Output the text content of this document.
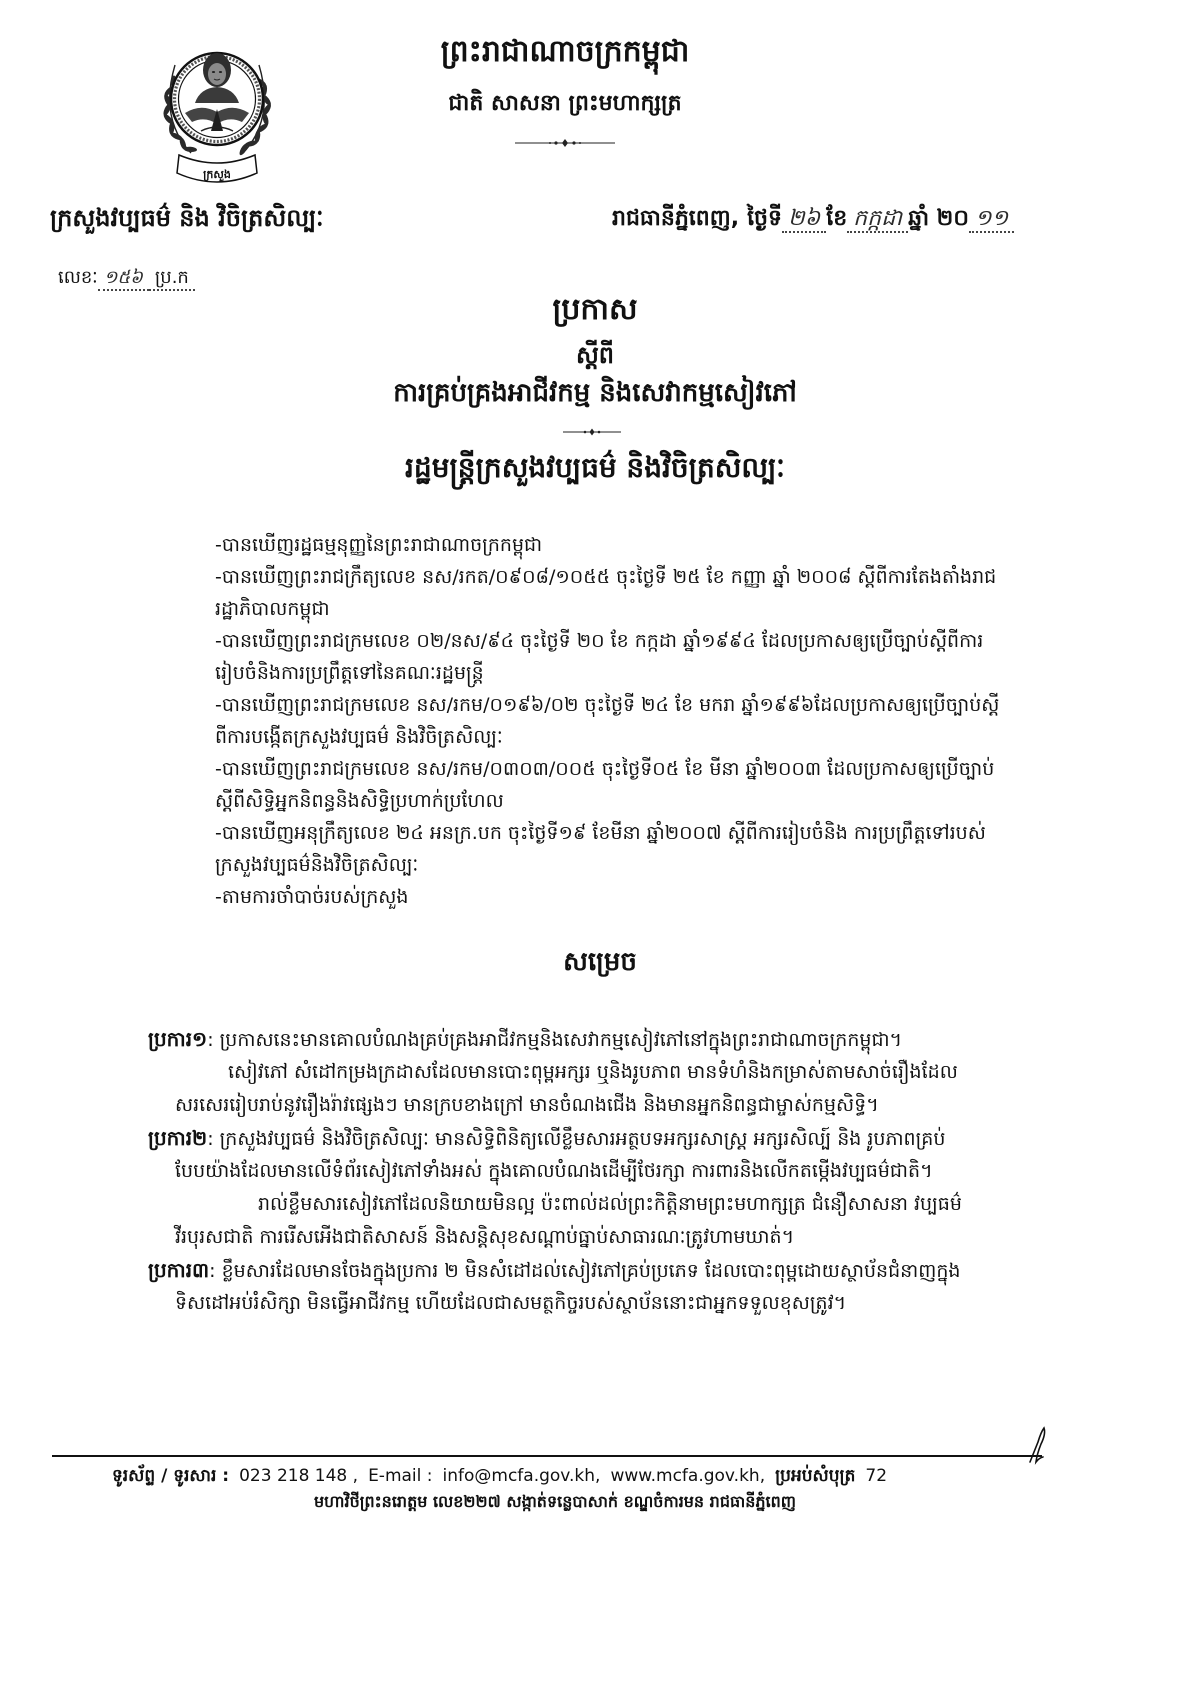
ក្រសួង
ព្រះរាជាណាចក្រកម្ពុជា
ជាតិ សាសនា ព្រះមហាក្សត្រ
ក្រសួងវប្បធម៌ និង វិចិត្រសិល្បៈ	រាជធានីភ្នំពេញ, ថ្ងៃទី ២៦ ខែ កក្កដា ឆ្នាំ ២០ ១១
លេខៈ ១៥៦ ប្រ.ក
ប្រកាស
ស្តីពី
ការគ្រប់គ្រងអាជីវកម្ម និងសេវាកម្មសៀវភៅ
រដ្ឋមន្ត្រីក្រសួងវប្បធម៌ និងវិចិត្រសិល្បៈ
-បានឃើញរដ្ឋធម្មនុញ្ញនៃព្រះរាជាណាចក្រកម្ពុជា
-បានឃើញព្រះរាជក្រឹត្យលេខ នស/រកត/០៩០៨/១០៥៥ ចុះថ្ងៃទី ២៥ ខែ កញ្ញា ឆ្នាំ ២០០៨ ស្តីពីការតែងតាំងរាជ
រដ្ឋាភិបាលកម្ពុជា
-បានឃើញព្រះរាជក្រមលេខ ០២/នស/៩៤ ចុះថ្ងៃទី ២០ ខែ កក្កដា ឆ្នាំ១៩៩៤ ដែលប្រកាសឲ្យប្រើច្បាប់ស្តីពីការ
រៀបចំនិងការប្រព្រឹត្តទៅនៃគណៈរដ្ឋមន្ត្រី
-បានឃើញព្រះរាជក្រមលេខ នស/រកម/០១៩៦/០២ ចុះថ្ងៃទី ២៤ ខែ មករា ឆ្នាំ១៩៩៦ដែលប្រកាសឲ្យប្រើច្បាប់ស្តី
ពីការបង្កើតក្រសួងវប្បធម៌ និងវិចិត្រសិល្បៈ
-បានឃើញព្រះរាជក្រមលេខ នស/រកម/០៣០៣/០០៥ ចុះថ្ងៃទី០៥ ខែ មីនា ឆ្នាំ២០០៣ ដែលប្រកាសឲ្យប្រើច្បាប់
ស្តីពីសិទ្ធិអ្នកនិពន្ធនិងសិទ្ធិប្រហាក់ប្រហែល
-បានឃើញអនុក្រឹត្យលេខ ២៤ អនក្រ.បក ចុះថ្ងៃទី១៩ ខែមីនា ឆ្នាំ២០០៧ ស្តីពីការរៀបចំនិង ការប្រព្រឹត្តទៅរបស់
ក្រសួងវប្បធម៌និងវិចិត្រសិល្បៈ
-តាមការចាំបាច់របស់ក្រសួង
សម្រេច
ប្រការ១: ប្រកាសនេះមានគោលបំណងគ្រប់គ្រងអាជីវកម្មនិងសេវាកម្មសៀវភៅនៅក្នុងព្រះរាជាណាចក្រកម្ពុជា។
សៀវភៅ សំដៅកម្រងក្រដាសដែលមានបោះពុម្ពអក្សរ ឬនិងរូបភាព មានទំហំនិងកម្រាស់តាមសាច់រឿងដែល
សរសេររៀបរាប់នូវរឿងរ៉ាវផ្សេងៗ មានក្របខាងក្រៅ មានចំណងជើង និងមានអ្នកនិពន្ធជាម្ចាស់កម្មសិទ្ធិ។
ប្រការ២: ក្រសួងវប្បធម៌ និងវិចិត្រសិល្បៈ មានសិទ្ធិពិនិត្យលើខ្លឹមសារអត្ថបទអក្សរសាស្ត្រ អក្សរសិល្ប៍ និង រូបភាពគ្រប់
បែបយ៉ាងដែលមានលើទំព័រសៀវភៅទាំងអស់ ក្នុងគោលបំណងដើម្បីថែរក្សា ការពារនិងលើកតម្កើងវប្បធម៌ជាតិ។
រាល់ខ្លឹមសារសៀវភៅដែលនិយាយមិនល្អ ប៉ះពាល់ដល់ព្រះកិត្តិនាមព្រះមហាក្សត្រ ជំនឿសាសនា វប្បធម៌
វីរបុរសជាតិ ការរើសអើងជាតិសាសន៍ និងសន្តិសុខសណ្តាប់ធ្នាប់សាធារណៈត្រូវហាមឃាត់។
ប្រការ៣: ខ្លឹមសារដែលមានចែងក្នុងប្រការ ២ មិនសំដៅដល់សៀវភៅគ្រប់ប្រភេទ ដែលបោះពុម្ពដោយស្ថាប័នជំនាញក្នុង
ទិសដៅអប់រំសិក្សា មិនធ្វើអាជីវកម្ម ហើយដែលជាសមត្ថកិច្ចរបស់ស្ថាប័ននោះជាអ្នកទទួលខុសត្រូវ។
ទូរស័ព្ទ / ទូរសារ : 023 218 148 , E-mail : info@mcfa.gov.kh, www.mcfa.gov.kh, ប្រអប់សំបុត្រ 72
មហាវិថីព្រះនរោត្តម លេខ២២៧ សង្កាត់ទន្លេបាសាក់ ខណ្ឌចំការមន រាជធានីភ្នំពេញ
